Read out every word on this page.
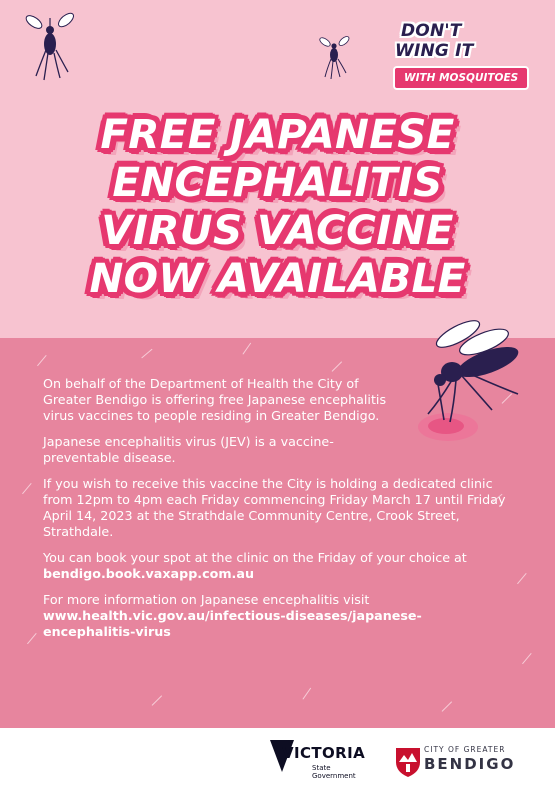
DON'T
WING IT
WITH MOSQUITOES
FREE JAPANESE
ENCEPHALITIS
VIRUS VACCINE
NOW AVAILABLE

On behalf of the Department of Health the City of Greater Bendigo is offering free Japanese encephalitis virus vaccines to people residing in Greater Bendigo.

Japanese encephalitis virus (JEV) is a vaccine-preventable disease.

If you wish to receive this vaccine the City is holding a dedicated clinic from 12pm to 4pm each Friday commencing Friday March 17 until Friday April 14, 2023 at the Strathdale Community Centre, Crook Street, Strathdale.

You can book your spot at the clinic on the Friday of your choice at bendigo.book.vaxapp.com.au

For more information on Japanese encephalitis visit
www.health.vic.gov.au/infectious-diseases/japanese-encephalitis-virus

VICTORIA
State
Government
CITY OF GREATER
BENDIGO
